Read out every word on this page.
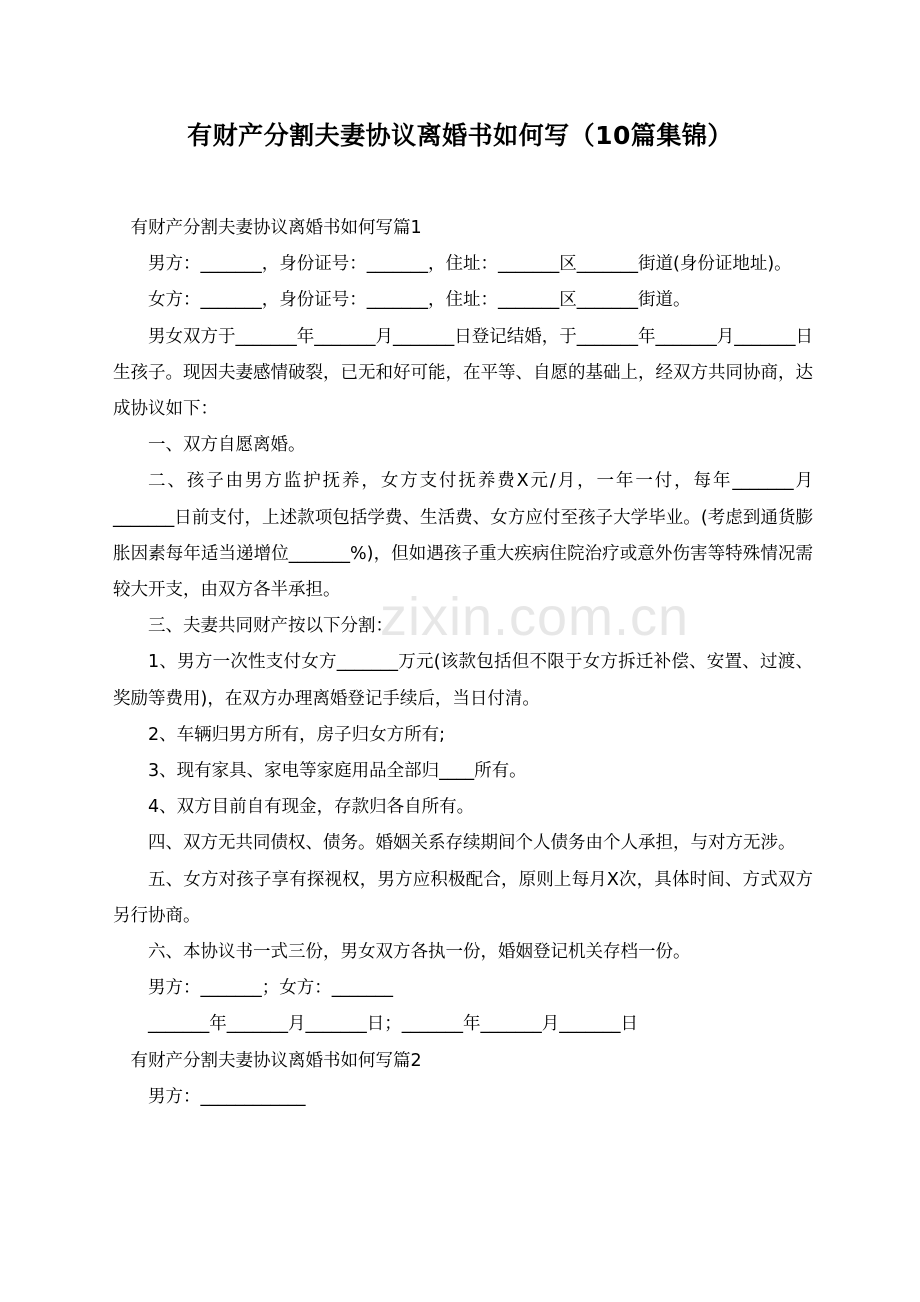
有财产分割夫妻协议离婚书如何写（10篇集锦）

有财产分割夫妻协议离婚书如何写篇1

男方：_______，身份证号：_______，住址：_______区_______街道(身份证地址)。

女方：_______，身份证号：_______，住址：_______区_______街道。

男女双方于_______年_______月_______日登记结婚，于_______年_______月_______日生孩子。现因夫妻感情破裂，已无和好可能，在平等、自愿的基础上，经双方共同协商，达成协议如下：

一、双方自愿离婚。

二、孩子由男方监护抚养，女方支付抚养费X元/月，一年一付，每年_______月_______日前支付，上述款项包括学费、生活费、女方应付至孩子大学毕业。(考虑到通货膨胀因素每年适当递增位_______%)，但如遇孩子重大疾病住院治疗或意外伤害等特殊情况需较大开支，由双方各半承担。

三、夫妻共同财产按以下分割：

1、男方一次性支付女方_______万元(该款包括但不限于女方拆迁补偿、安置、过渡、奖励等费用)，在双方办理离婚登记手续后，当日付清。

2、车辆归男方所有，房子归女方所有;

3、现有家具、家电等家庭用品全部归____所有。

4、双方目前自有现金，存款归各自所有。

四、双方无共同债权、债务。婚姻关系存续期间个人债务由个人承担，与对方无涉。

五、女方对孩子享有探视权，男方应积极配合，原则上每月X次，具体时间、方式双方另行协商。

六、本协议书一式三份，男女双方各执一份，婚姻登记机关存档一份。

男方：_______；女方：_______

_______年_______月_______日；_______年_______月_______日

有财产分割夫妻协议离婚书如何写篇2

男方：____________

zixin.com.cn
